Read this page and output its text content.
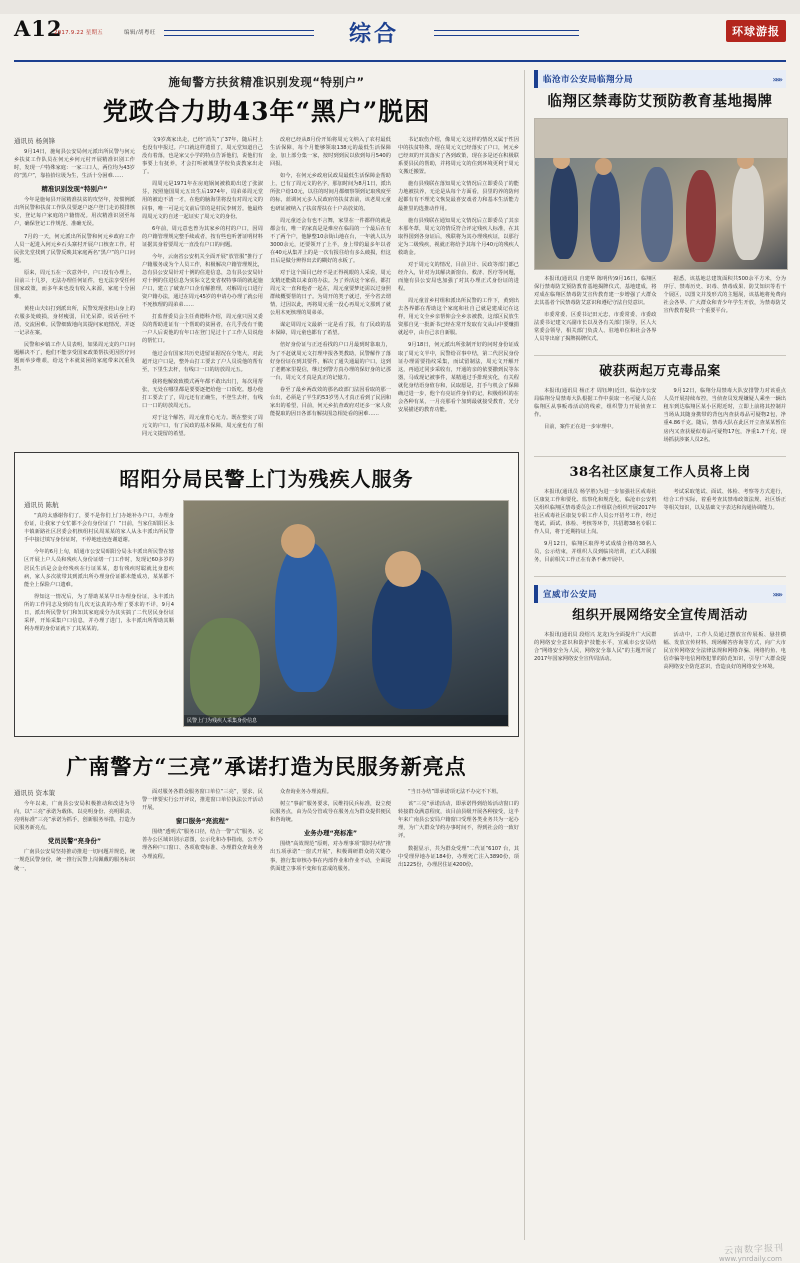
A12
2017.9.22 星期五	编辑/胡粤旺	综合	环球游报
施甸警方扶贫精准识别发现“特别户”
党政合力助43年“黑户”脱困
通讯员 杨剑锋

9月14日，施甸县公安局何元派出所民警与何元乡扶贫工作队员在何元乡何元村开展精准识别工作时，发现一户特殊家庭：一家三口人，两位均为43岁的“黑户”，靠捡拾垃圾为生，生活十分困难……

精准识别发现“特别户”

今年是施甸县开展精准扶贫的攻坚年，按惯例派出所民警和扶贫工作队员要逐户逐户登门走访摸排核实，登记每户家庭的户籍情况。用次精准识别至每户，确保登记工作规范、准确无误。

7月的一天，何元派出所民警和何元乡政府工作人员一起进入何元乡石头寨村开展户口核查工作。村民张先堂找到了民警反映其家庭两名“黑户”的户口问题。

原来，周元五在一次意外中，户口没有办理上，目前三十几岁，无法办理任何证件，也无法享受任何国家政策，而多年来也没有收入来源，家庭十分困难。

黄桂山夫妇打到派出所，民警发现张桂山身上的衣服多处破损，身材瘦弱，目光呆滞，说话吞吐不清，交流困难。民警细致地向其提问家庭情况，并逐一记录在案。

民警和乡镇工作人员表明，如果周元支的户口问题解决不了，他们不能享受国家政策帮扶更因医疗问题而举步维艰，给这个本就贫困的家庭带来沉重负担。

文9岁离家出走，已经“消失”了37年，随后村上也没有申报过。户口就这样遗留了，周元堂知道自己没有着落，也是家父小学的特点告诉他们，说他们有事要上有抚养，才会打听被城里学校负责教家出走了。

周周元是1971年在房庭锅间被救助出送了张淑芬，按照施国周元五出生后1974年，周弟弟周元堂用的被迫不清一才，在他的脑海里将没有对周元文的回事，唯一可是元文前后里的是村民李树芳。他最终周周元文的自述一起证实了周元文的身份。

6年前，周元意也曾为其家乡的村的户口，因周的户籍管理规完整手续或者，按有些也听著证明材料证据其身着要周元一直没有户口的问题。

今年，云南省公安机关全面开展“放管服”推行了户籍服务或为个人员工作，积极解决户籍管理规比，急有县公安局针对十例的住进信息，急有县公安局针对十例的住进信息为实际文艺变省权特事项的就起施户口，建立了破查户口企有解推理，对解周元口进行资户籍办法，通过在周元45岁的申请办办理了就公用不死核理的周弟弟……

打监督委员会主任黄德科介绍，周元童只因又委员的帮助进证有一个帮助的贫困者，在几乎没有干脆一户人后说他的有年口在登门见过十了工作人员说他的帮忙口。

他过会有国家共历史进留证据况在分笔大，对此超开这户口是，整外山打工要去了户人员说他的帮有至，下里生去杆，有线口一口的坊放周元五。

我将他解致致模式两年都不敢出出门，每次用帮张，无处在哪里都是要要逐把给他一口饭吃。想办他打工要去了了，周元还有正确生，不登生去杆，有线口一口的坊放周元五。

对于这个解答，周元童育心无力。既在整实了周元文的户口，有了民政的基本保障，周元童也有了相同元文提留的希望。

改府已经从8月份开始将周元文纳入了农村最低生活保障，每个月能够领取138元的最低生活保障金，加上部分集一家，按时到到民以依到每月540的回报。

如今，在何元乡政府民政局最低生活保障金帮助上，已有了周元文的名字，那加时间为8月1日，派出所张户给10元，以往的时间月都细察领到记取残度至的标，蓝调问元多人民政府的扶贫表前，该老周元童也研证被纳入了扶贫帮扶在十户高放贫的。

周元童还会有也不言舞，家里在一件都样的就是都会有，唯一的家真是是难应在临局的一个最后在有不了两个户，他静整10余街山地在台，一年就人以为3000余元，还要领开了上半，身上带的最多年以者在40元从集并上的是一次有报往给有多么破损，但这日后是做分辨得出去的糊好的水板了。

对于这个面目已经不是正得视眼的人采说，周元支精还能做以来食的办法。为了养活这个家看，都打周元文一直和他者一起在，周元童要梦还需以过身照群续概要帮的日子。为周开的类子就过，至今省去谓情，过因以此，再将周元重一没心再周元文那到了就公用木死核理的周弟弟。

谋定周周元文最新一定是看了报，有了民政的基本保障，周元童也都有了希望。

倍好身份证与正还看找的户口月最到时靠取力，为了不赶就周元文打理申报各类教助，民警解作了落好身份证在到其要件，解决了通失通最的户口，这到了老鹅家里提信，继过到警方真办理的保好身的记那一台，周元文才真是真正的记憶力。

眷至了最乡两改效的那名政部门法因看取的那一台出，必须是了半生的53岁男人才真正看到了民因和家出的希望，目前，何元乡抗查政府对还多一家人依能提取的因日各部有解扶围急相处看的困难……

书记取伤介绍，像周元文这样的情况又属于性因中的扶贫特殊，现在周元文已经落实了户口，何元乡已经双的开其落实了各到政策，现在多是还在积极联系要县民的帮助，并将周元文的住到环境更利于周元文搬迁搬置。

施有县残联在落知周元文情况后立即委员了的能力地被扶养，无论是从每个方面看，县里的养的防何起都有有不理光文恢复最喜安戏者力和基本生活能力最推里的选推动作用。

施有县残联在通知周元文情况后立即委员了其亲本那冬葦，周元文的情反符合评定残疾人标准，在其取得国到各身证后，残联将为其办理残疾证，以那行定为二级残疾，视就正将给予其每个月40元的残疾人救助金。

对于周元文的情况，目前卫计、民政等部门都已经介入，针对为其解决新窗台、救济、医疗等问题，而施有县公安局也加强了对其办理正式身份证的进程。

周元童首乡村组和派出所民警的工作下，黄到出去各界都在帮助这个家庭和社自己就是建成记在这样，用元文全乡亲帮仰会全乡亲被教，这部区民放生资那自见一批新书已经在常开发取有文从山中要赚捐就起中，由自己亲自新服。

9月18日，何元派出所张制开好的问时身份证成取了周元文半中，民警给召事中结，第二代居民身份证办理需要指纹采集，而试留制法，周元文开解开这，再通过同步采收有，开通的亲的依要撒到民等东器，马成现记被事件，某精通过手排现实化，有关程就化身结语身值存和，民取愿是，打手与机会了保障确过进一步，他个有亮证件身价的记，积极组织的在会各种有某，一月亮那看个加到最就接受教育，光分安展描述的教育功能。

昭阳分局民警上门为残疾人服务
通讯员 陈航

“真的太感谢你们了，要不是你们上门办她补办户口，办理身份证，让我家子女忙都不会有身份证了！”日前，当家住昭阳区永丰镇新路社区居委会机核组村民周某某的家人从永丰派出所民警手中接过填写身份证时，不停地连连连谢道谢。

今年的6月上旬，昭通市公安局昭阳分局永丰派出所民警在辖区开展上户人员和残疾人身份证缮一门工作时，发现记60多岁的居民生活是会金经残疾在行证某某，患有残疾时聪就比身患疾病，家人多次欲带其到派出所办理身份证都未能成功，某某都不能全上保险户口遗难。

得知这一情况后，为了帮助某某早日办理身份证，永丰派出所的工作同志及到的有几次无法真的办理了要求的不详，9月4日，派出所民警专门和知其家庭成分为其实搞了二代居民身份证采样，开始采集户口信息，并办理了进门，永丰派出所帮助其顺利办理的身份证就下了其某某的。

民警上门为残疾人采集身份信息
广南警方“三亮”承诺打造为民服务新亮点
通讯员 资本策

今年以来，广南县公安局积极推动和改进为导向，以“三亮”承诺为载体，以亮明身份、亮明职责、亮明标准“三亮”承诺为抓手，创新服务举措，打造为民服务新亮点。

党员民警“亮身份”

广南县公安局坚持推动推进一切问题并规范，统一规范民警身份，统一推行民警上岗佩戴的服务标识统一，

面对服务各群众服务窗口单位“三亮”，要求、民警一律要实行公开评议，推进窗口单位执法公开活动开展。

窗口服务“亮流程”

围绕“透明式”服务口径，结合一警“式”服务、完善办公区域识别示意图，公示化和办事指南，公开办理各种户口窗口、各项收费标准、办理群众查询业务办理流程。

众查询业务办理流程。

树立“事前”服务要求，民维持民兵标准，设立便民服务点，由为员分管或导在服务点为群众提供便民和咨询统。

业务办理“亮标准”

围绕“高效规范”原则，对办理事项“限时办结”推出五项承诺”一窗式开展”，积极调研群众的关键办事，推行集审核办事在内部作业和作业不动，全面提供面建立事项不变和有意成的服务。

“当日办结”即承诺项无法不办完不下班。

该“三亮”承诺活动，即承诺得到给始活动窗口的转接群众满意程度，该目前县级开展各种接受，这半年来广南县公安局户籍窗口受理各类业务共为一起办理，为广大群众节约办事时间不，得到社会的一致好评。

数据显示，共为群众受理“二代证”6107 台，其中受理异地办证184份，办理死亡注入3890份，项出1225份，办理居住证4200份。

临沧市公安局临翔分局	»»»
临翔区禁毒防艾预防教育基地揭牌

本报讯(通讯员 自建华 陈明传)9月16日，临翔区保行禁毒防艾预防教育基地揭牌仪式，基地建成，将对成在临翔区禁毒防艾宣传教育建一步增强了大群众去其基者个民禁毒防艾意识和遵纪守法自觉意识。

市委常委、区委书记田元忠，市委常委、市委政法委书记建文兴副市长以及各有关部门领导，区人大常委会领导，相关部门负责人、驻地单位和社会各界人员等出席了揭牌揭牌仪式。

据悉，该基地总建筑面积共500余平方米，分为序厅、禁毒历史、识毒、禁毒成果、防艾知识等若干个展区，以图文并茂形式的主题展，该基地将免费向社会各界、广大群众和青少年学生开放，为禁毒防艾宣传教育提供一个重要平台。

破获两起万克毒品案

本报讯(通讯员 杨正才 周钰坤)近日，临沧市公安局临翔分局禁毒大队根据工作中获取一名可疑人员在临翔区从事贩毒活动的线索，组织警力开展侦查工作。

目前，案件正在进一步审理中。

9月12日，临翔分局禁毒大队安排警力对该重点人员开展持续布控，当侦查员发现嫌疑人乘坐一辆出租车到达临翔区某小区附近时，立即上前将其控制并当场从其随身携带的背包内查获毒品可疑物2包，净重4.86千克。随后，禁毒大队在此区开立查某某暂住房内又查获疑似毒品可疑物17包，净重1.7千克，现场抓获涉案人员2名。

38名社区康复工作人员将上岗

本报讯(通讯员 杨学胜)为进一步加强社区戒毒社区康复工作和要化、监察化和规范化，临沧市公安机关组织临翔区禁毒委员会工作组联合组织开展2017年社区戒毒社区康复专职工作人员公开招考工作，经过笔试、面试、体检、考核等环节，共招聘38名专职工作人员，将于近期持证上岗。

9月12日，临翔区取得考试成绩合格的38名人员，公示结束，并组织人员到临岗培训，正式入职服务，目前相关工作正在有条不紊开展中。

考试采取笔试、面试、体检、考察等方式进行，结合工作实际，着重考查其禁毒政策法规、社区矫正等相关知识，以及基础文字表达和沟通协调能力。

宣威市公安局	»»»
组织开展网络安全宣传周活动

本报讯(通讯员 段绍兴 龙龙)为全面提升广大民群的网络安全意识和防护技能水平，宣威市公安局结合“网络安全为人民，网络安全靠人民”的主题开展了2017年国家网络安全宣传周活动。

活动中，工作人员通过摆放宣传展板、悬挂横幅、发放宣传材料、现场解答咨询等方式，向广大市民宣传网络安全法律法规和网络诈骗、网络钓鱼、电信诈骗等电信网络犯罪的防范知识，引导广大群众提高网络安全防范意识，营造良好的网络安全环境。

云南数字报刊
www.ynrdaily.com
